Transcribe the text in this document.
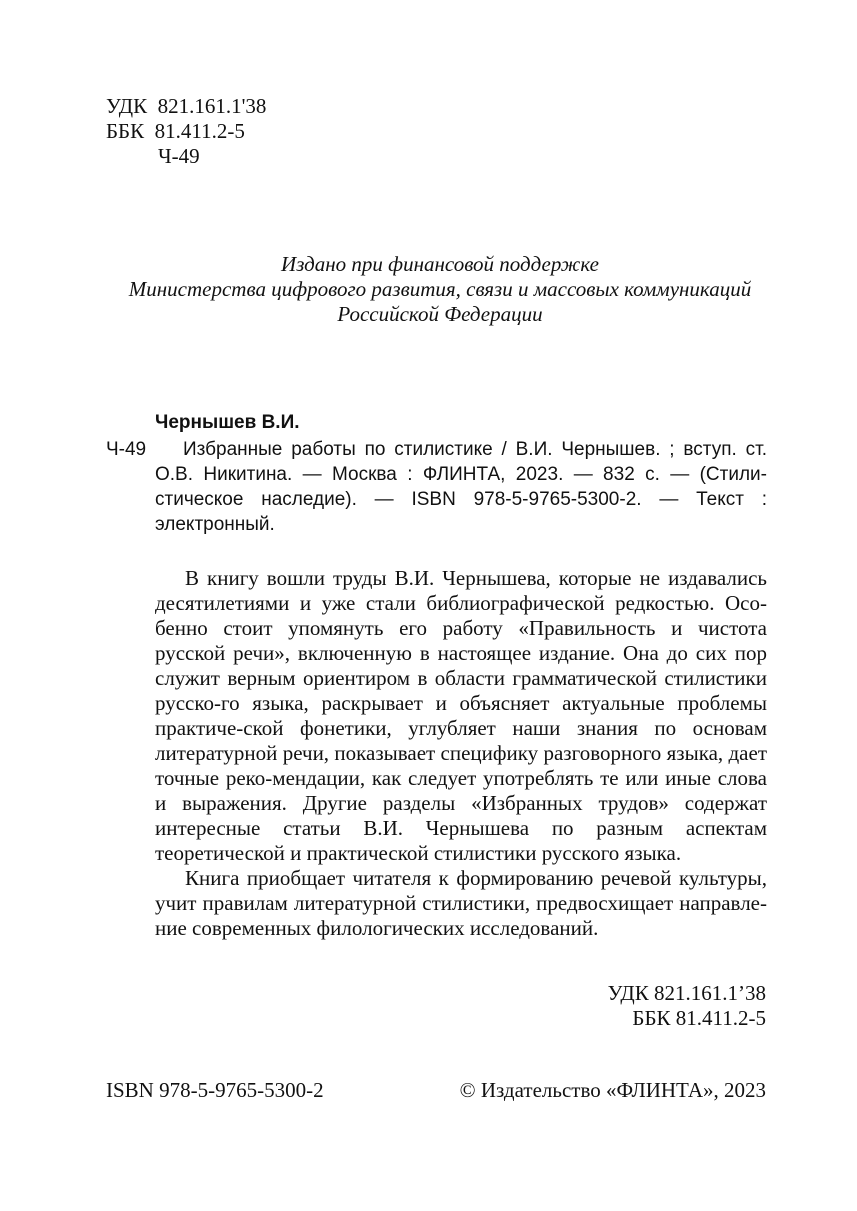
УДК  821.161.1'38
ББК  81.411.2-5
Ч-49
Издано при финансовой поддержке
Министерства цифрового развития, связи и массовых коммуникаций
Российской Федерации
Чернышев В.И.
Ч-49	Избранные работы по стилистике / В.И. Чернышев. ; вступ. ст. О.В. Никитина. — Москва : ФЛИНТА, 2023. — 832 с. — (Стилистическое наследие). — ISBN 978-5-9765-5300-2. — Текст : электронный.

В книгу вошли труды В.И. Чернышева, которые не издавались десятилетиями и уже стали библиографической редкостью. Осо-бенно стоит упомянуть его работу «Правильность и чистота русской речи», включенную в настоящее издание. Она до сих пор служит верным ориентиром в области грамматической стилистики русско-го языка, раскрывает и объясняет актуальные проблемы практиче-ской фонетики, углубляет наши знания по основам литературной речи, показывает специфику разговорного языка, дает точные реко-мендации, как следует употреблять те или иные слова и выражения. Другие разделы «Избранных трудов» содержат интересные статьи В.И. Чернышева по разным аспектам теоретической и практической стилистики русского языка.

Книга приобщает читателя к формированию речевой культуры, учит правилам литературной стилистики, предвосхищает направле-ние современных филологических исследований.

УДК 821.161.1’38
ББК 81.411.2-5
ISBN 978-5-9765-5300-2	© Издательство «ФЛИНТА», 2023
